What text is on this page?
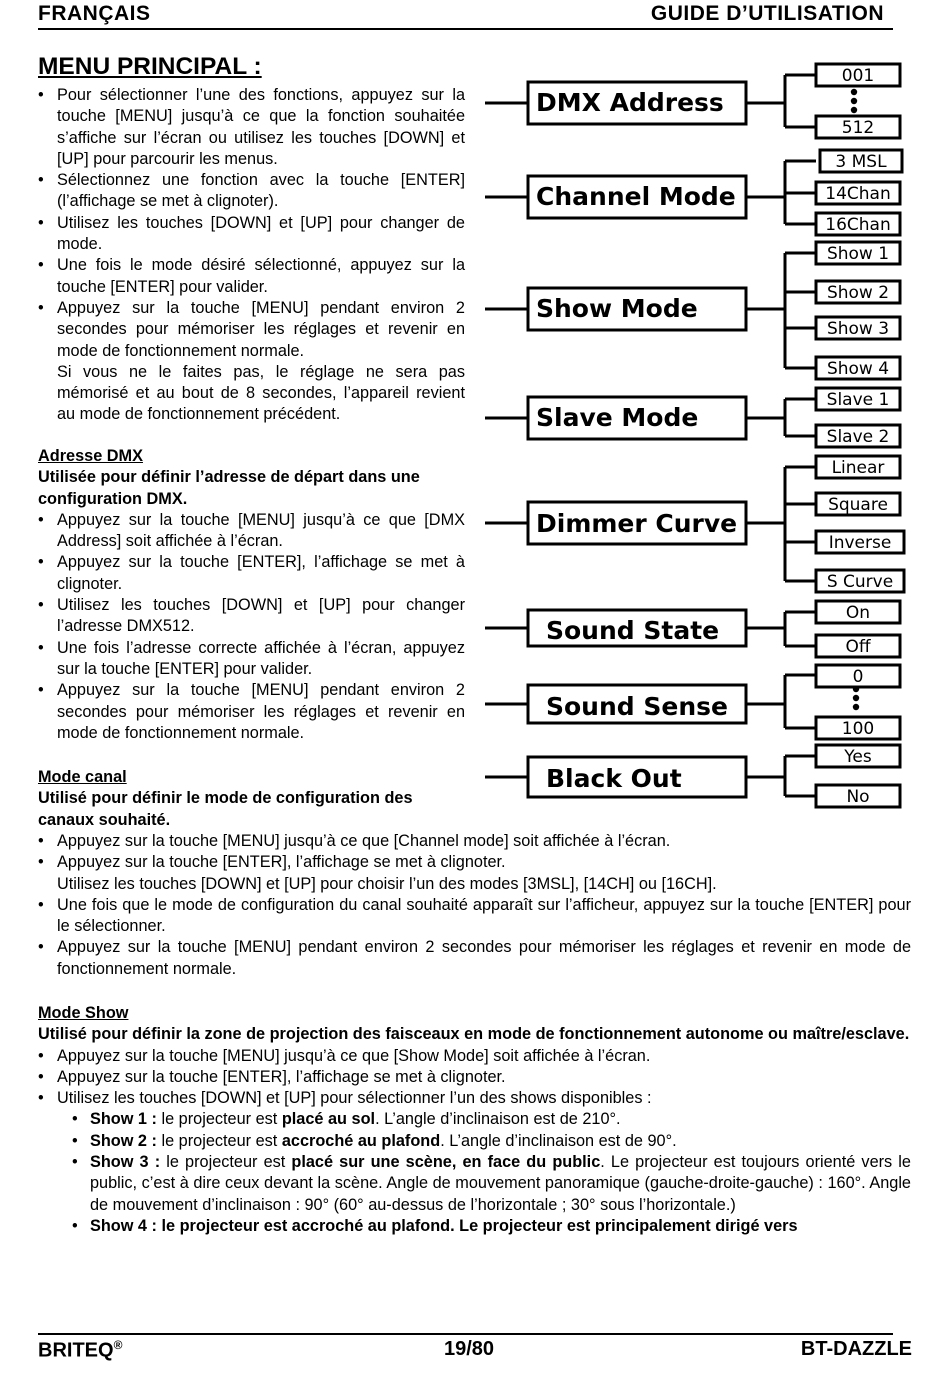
FRANÇAIS	GUIDE D’UTILISATION
MENU PRINCIPAL :
• Pour sélectionner l’une des fonctions, appuyez sur la touche [MENU] jusqu’à ce que la fonction souhaitée s’affiche sur l’écran ou utilisez les touches [DOWN] et [UP] pour parcourir les menus.
• Sélectionnez une fonction avec la touche [ENTER] (l’affichage se met à clignoter).
• Utilisez les touches [DOWN] et [UP] pour changer de mode.
• Une fois le mode désiré sélectionné, appuyez sur la touche [ENTER] pour valider.
• Appuyez sur la touche [MENU] pendant environ 2 secondes pour mémoriser les réglages et revenir en mode de fonctionnement normale.
Si vous ne le faites pas, le réglage ne sera pas mémorisé et au bout de 8 secondes, l’appareil revient au mode de fonctionnement précédent.

Adresse DMX

Utilisée pour définir l’adresse de départ dans une configuration DMX.

• Appuyez sur la touche [MENU] jusqu’à ce que [DMX Address] soit affichée à l’écran.
• Appuyez sur la touche [ENTER], l’affichage se met à clignoter.
• Utilisez les touches [DOWN] et [UP] pour changer l’adresse DMX512.
• Une fois l’adresse correcte affichée à l’écran, appuyez sur la touche [ENTER] pour valider.
• Appuyez sur la touche [MENU] pendant environ 2 secondes pour mémoriser les réglages et revenir en mode de fonctionnement normale.

Mode canal

Utilisé pour définir le mode de configuration des canaux souhaité.

• Appuyez sur la touche [MENU] jusqu’à ce que [Channel mode] soit affichée à l’écran.
• Appuyez sur la touche [ENTER], l’affichage se met à clignoter.
Utilisez les touches [DOWN] et [UP] pour choisir l’un des modes [3MSL], [14CH] ou [16CH].
• Une fois que le mode de configuration du canal souhaité apparaît sur l’afficheur, appuyez sur la touche [ENTER] pour le sélectionner.
• Appuyez sur la touche [MENU] pendant environ 2 secondes pour mémoriser les réglages et revenir en mode de fonctionnement normale.

Mode Show

Utilisé pour définir la zone de projection des faisceaux en mode de fonctionnement autonome ou maître/esclave.

• Appuyez sur la touche [MENU] jusqu’à ce que [Show Mode] soit affichée à l’écran.
• Appuyez sur la touche [ENTER], l’affichage se met à clignoter.
• Utilisez les touches [DOWN] et [UP] pour sélectionner l’un des shows disponibles :
• Show 1 : le projecteur est placé au sol. L’angle d’inclinaison est de 210°.
• Show 2 : le projecteur est accroché au plafond. L’angle d’inclinaison est de 90°.
• Show 3 : le projecteur est placé sur une scène, en face du public. Le projecteur est toujours orienté vers le public, c’est à dire ceux devant la scène. Angle de mouvement panoramique (gauche-droite-gauche) : 160°. Angle de mouvement d’inclinaison : 90° (60° au-dessus de l’horizontale ; 30° sous l’horizontale.)
• Show 4 : le projecteur est accroché au plafond. Le projecteur est principalement dirigé vers
DMX Address
Channel Mode
Show Mode
Slave Mode
Dimmer Curve
Sound State
Sound Sense
Black Out
001
512
3 MSL
14Chan
16Chan
Show 1
Show 2
Show 3
Show 4
Slave 1
Slave 2
Linear
Square
Inverse
S Curve
On
Off
0
100
Yes
No
BRITEQ®	19/80	BT-DAZZLE
